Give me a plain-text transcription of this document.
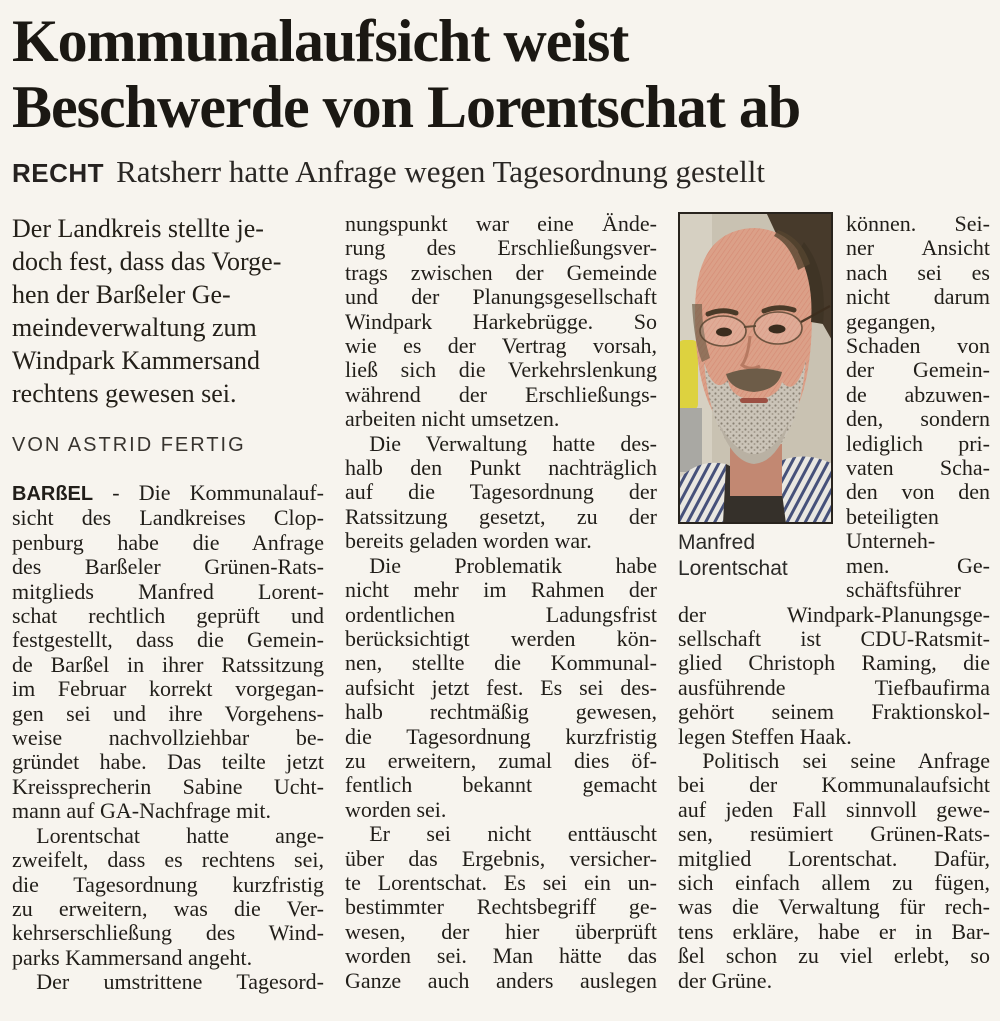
Kommunalaufsicht weist
Beschwerde von Lorentschat ab
RECHT Ratsherr hatte Anfrage wegen Tagesordnung gestellt
Der Landkreis stellte je-
doch fest, dass das Vorge-
hen der Barßeler Ge-
meindeverwaltung zum
Windpark Kammersand
rechtens gewesen sei.
VON ASTRID FERTIG
BARßEL - Die Kommunalauf-
sicht des Landkreises Clop-
penburg habe die Anfrage
des Barßeler Grünen-Rats-
mitglieds Manfred Lorent-
schat rechtlich geprüft und
festgestellt, dass die Gemein-
de Barßel in ihrer Ratssitzung
im Februar korrekt vorgegan-
gen sei und ihre Vorgehens-
weise nachvollziehbar be-
gründet habe. Das teilte jetzt
Kreissprecherin Sabine Ucht-
mann auf GA-Nachfrage mit.
Lorentschat hatte ange-
zweifelt, dass es rechtens sei,
die Tagesordnung kurzfristig
zu erweitern, was die Ver-
kehrserschließung des Wind-
parks Kammersand angeht.
Der umstrittene Tagesord-
nungspunkt war eine Ände-
rung des Erschließungsver-
trags zwischen der Gemeinde
und der Planungsgesellschaft
Windpark Harkebrügge. So
wie es der Vertrag vorsah,
ließ sich die Verkehrslenkung
während der Erschließungs-
arbeiten nicht umsetzen.
Die Verwaltung hatte des-
halb den Punkt nachträglich
auf die Tagesordnung der
Ratssitzung gesetzt, zu der
bereits geladen worden war.
Die Problematik habe
nicht mehr im Rahmen der
ordentlichen Ladungsfrist
berücksichtigt werden kön-
nen, stellte die Kommunal-
aufsicht jetzt fest. Es sei des-
halb rechtmäßig gewesen,
die Tagesordnung kurzfristig
zu erweitern, zumal dies öf-
fentlich bekannt gemacht
worden sei.
Er sei nicht enttäuscht
über das Ergebnis, versicher-
te Lorentschat. Es sei ein un-
bestimmter Rechtsbegriff ge-
wesen, der hier überprüft
worden sei. Man hätte das
Ganze auch anders auslegen
Manfred
Lorentschat
können. Sei-
ner Ansicht
nach sei es
nicht darum
gegangen,
Schaden von
der Gemein-
de abzuwen-
den, sondern
lediglich pri-
vaten Scha-
den von den
beteiligten
Unterneh-
men. Ge-
schäftsführer
der Windpark-Planungsge-
sellschaft ist CDU-Ratsmit-
glied Christoph Raming, die
ausführende Tiefbaufirma
gehört seinem Fraktionskol-
legen Steffen Haak.
Politisch sei seine Anfrage
bei der Kommunalaufsicht
auf jeden Fall sinnvoll gewe-
sen, resümiert Grünen-Rats-
mitglied Lorentschat. Dafür,
sich einfach allem zu fügen,
was die Verwaltung für rech-
tens erkläre, habe er in Bar-
ßel schon zu viel erlebt, so
der Grüne.
